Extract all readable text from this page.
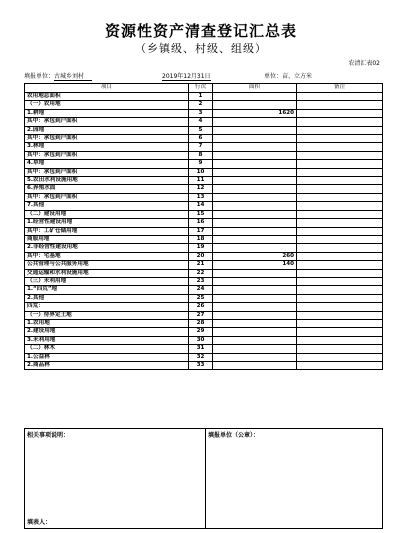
资源性资产清查登记汇总表
（乡镇级、村级、组级）
农清汇表02
填报单位：古城乡刘村	2019年12月31日	单位：亩、立方米
项目	行次	面积	备注
农用地总面积	1		
（一）农用地	2		
1.耕地	3	1620	
其中：承包到户面积	4		
2.园地	5		
其中：承包到户面积	6		
3.林地	7		
其中：承包到户面积	8		
4.草地	9		
其中：承包到户面积	10		
5.农田水利设施用地	11		
6.养殖水面	12		
其中：承包到户面积	13		
7.其他	14		
（二）建设用地	15		
1.经营性建设用地	16		
其中：工矿仓储用地	17		
商服用地	18		
2.非经营性建设用地	19		
其中：宅基地	20	260	
公共管理与公共服务用地	21	140	
交通运输和水利设施用地	22		
（三）未利用地	23		
1.“四荒”地	24		
2.其他	25		
四荒：	26		
（一）待界定土地	27		
1.农用地	28		
2.建设用地	29		
3.未利用地	30		
（二）林木	31		
1.公益林	32		
2.商品林	33		
相关事项说明：
填表人：
	填报单位（公章）：
